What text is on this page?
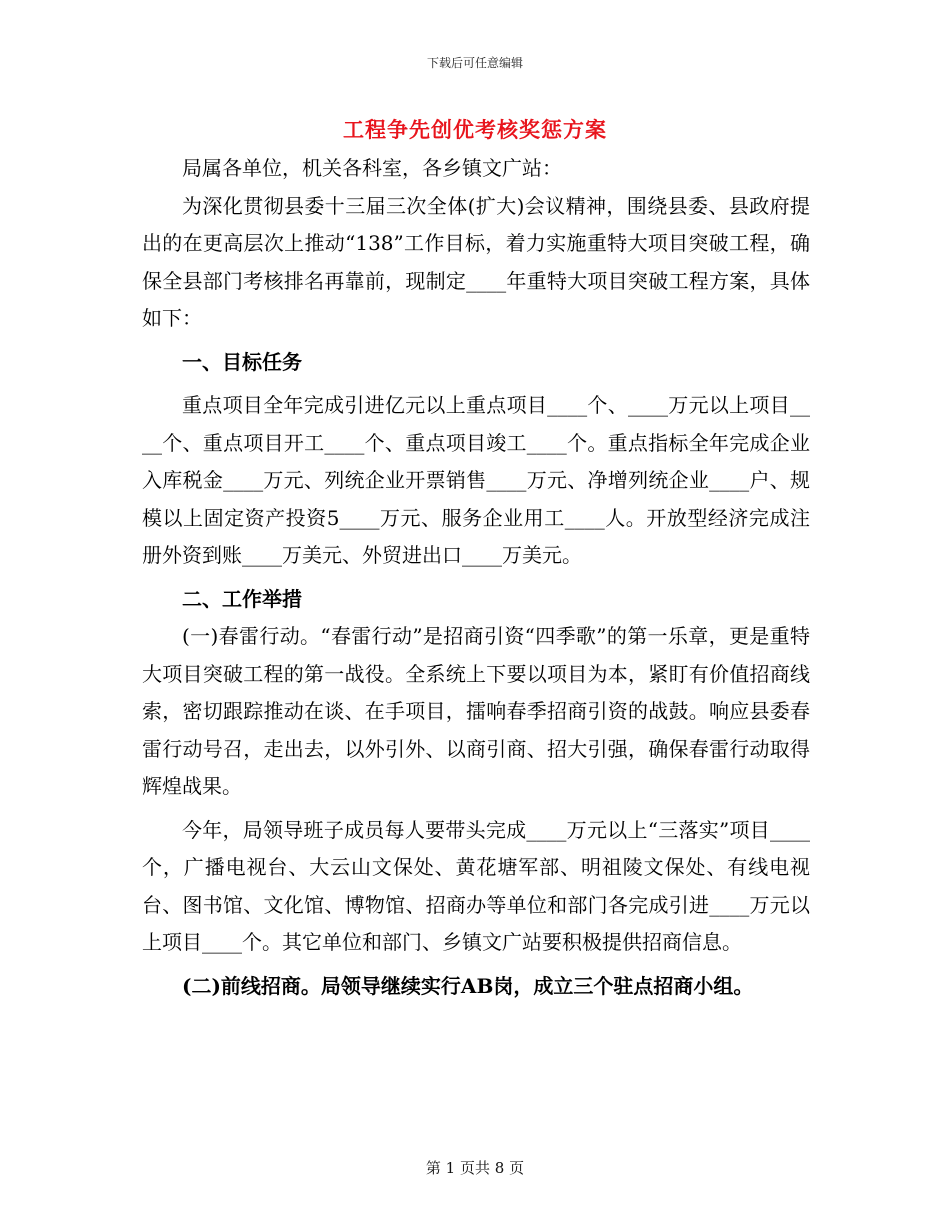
下载后可任意编辑
工程争先创优考核奖惩方案

局属各单位，机关各科室，各乡镇文广站：

为深化贯彻县委十三届三次全体(扩大)会议精神，围绕县委、县政府提出的在更高层次上推动“138”工作目标，着力实施重特大项目突破工程，确保全县部门考核排名再靠前，现制定____年重特大项目突破工程方案，具体如下：

一、目标任务

重点项目全年完成引进亿元以上重点项目____个、____万元以上项目____个、重点项目开工____个、重点项目竣工____个。重点指标全年完成企业入库税金____万元、列统企业开票销售____万元、净增列统企业____户、规模以上固定资产投资5____万元、服务企业用工____人。开放型经济完成注册外资到账____万美元、外贸进出口____万美元。

二、工作举措

(一)春雷行动。“春雷行动”是招商引资“四季歌”的第一乐章，更是重特大项目突破工程的第一战役。全系统上下要以项目为本，紧盯有价值招商线索，密切跟踪推动在谈、在手项目，擂响春季招商引资的战鼓。响应县委春雷行动号召，走出去，以外引外、以商引商、招大引强，确保春雷行动取得辉煌战果。

今年，局领导班子成员每人要带头完成____万元以上“三落实”项目____个，广播电视台、大云山文保处、黄花塘军部、明祖陵文保处、有线电视台、图书馆、文化馆、博物馆、招商办等单位和部门各完成引进____万元以上项目____个。其它单位和部门、乡镇文广站要积极提供招商信息。

(二)前线招商。局领导继续实行AB岗，成立三个驻点招商小组。

第 1 页共 8 页
